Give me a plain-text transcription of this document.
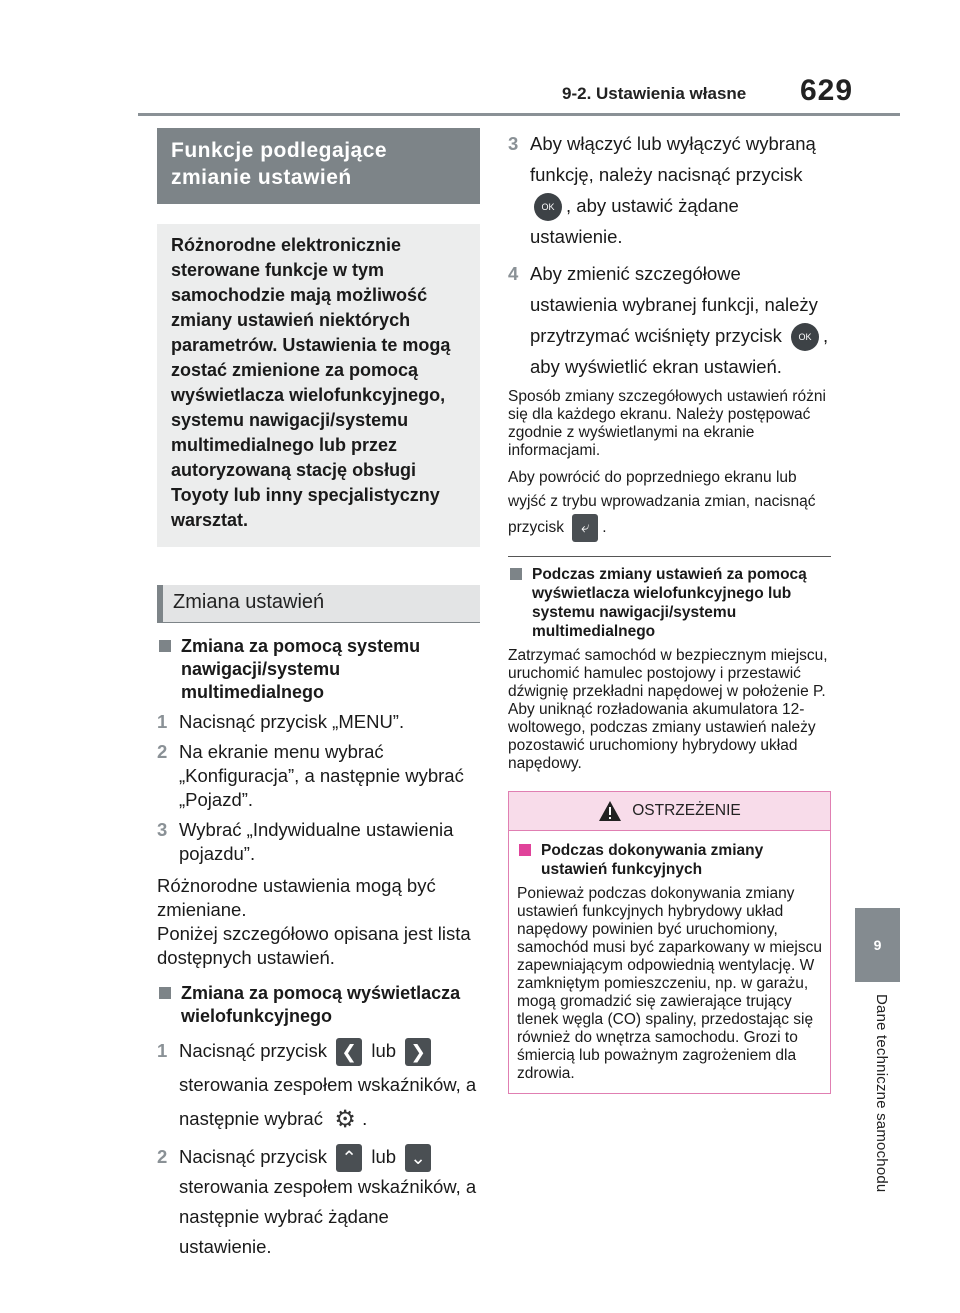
9-2. Ustawienia własne 629
9
Dane techniczne samochodu
Funkcje podlegające zmianie ustawień
Różnorodne elektronicznie sterowane funkcje w tym samochodzie mają możliwość zmiany ustawień niektórych parametrów. Ustawienia te mogą zostać zmienione za pomocą wyświetlacza wielofunkcyjnego, systemu nawigacji/systemu multimedialnego lub przez autoryzowaną stację obsługi Toyoty lub inny specjalistyczny warsztat.
Zmiana ustawień
Zmiana za pomocą systemu nawigacji/systemu multimedialnego
1 Nacisnąć przycisk „MENU”.
2 Na ekranie menu wybrać „Konfiguracja”, a następnie wybrać „Pojazd”.
3 Wybrać „Indywidualne ustawienia pojazdu”.
Różnorodne ustawienia mogą być zmieniane.
Poniżej szczegółowo opisana jest lista dostępnych ustawień.
Zmiana za pomocą wyświetlacza wielofunkcyjnego
1 Nacisnąć przycisk ❮ lub ❯ sterowania zespołem wskaźników, a następnie wybrać ⚙ .
2 Nacisnąć przycisk ⌃ lub ⌄ sterowania zespołem wskaźników, a następnie wybrać żądane ustawienie.
3 Aby włączyć lub wyłączyć wybraną funkcję, należy nacisnąć przycisk OK , aby ustawić żądane ustawienie.
4 Aby zmienić szczegółowe ustawienia wybranej funkcji, należy przytrzymać wciśnięty przycisk OK , aby wyświetlić ekran ustawień.
Sposób zmiany szczegółowych ustawień różni się dla każdego ekranu. Należy postępować zgodnie z wyświetlanymi na ekranie informacjami.
Aby powrócić do poprzedniego ekranu lub wyjść z trybu wprowadzania zmian, nacisnąć przycisk ⤶ .
Podczas zmiany ustawień za pomocą wyświetlacza wielofunkcyjnego lub systemu nawigacji/systemu multimedialnego
Zatrzymać samochód w bezpiecznym miejscu, uruchomić hamulec postojowy i przestawić dźwignię przekładni napędowej w położenie P. Aby uniknąć rozładowania akumulatora 12-woltowego, podczas zmiany ustawień należy pozostawić uruchomiony hybrydowy układ napędowy.
OSTRZEŻENIE
Podczas dokonywania zmiany ustawień funkcyjnych
Ponieważ podczas dokonywania zmiany ustawień funkcyjnych hybrydowy układ napędowy powinien być uruchomiony, samochód musi być zaparkowany w miejscu zapewniającym odpowiednią wentylację. W zamkniętym pomieszczeniu, np. w garażu, mogą gromadzić się zawierające trujący tlenek węgla (CO) spaliny, przedostając się również do wnętrza samochodu. Grozi to śmiercią lub poważnym zagrożeniem dla zdrowia.
